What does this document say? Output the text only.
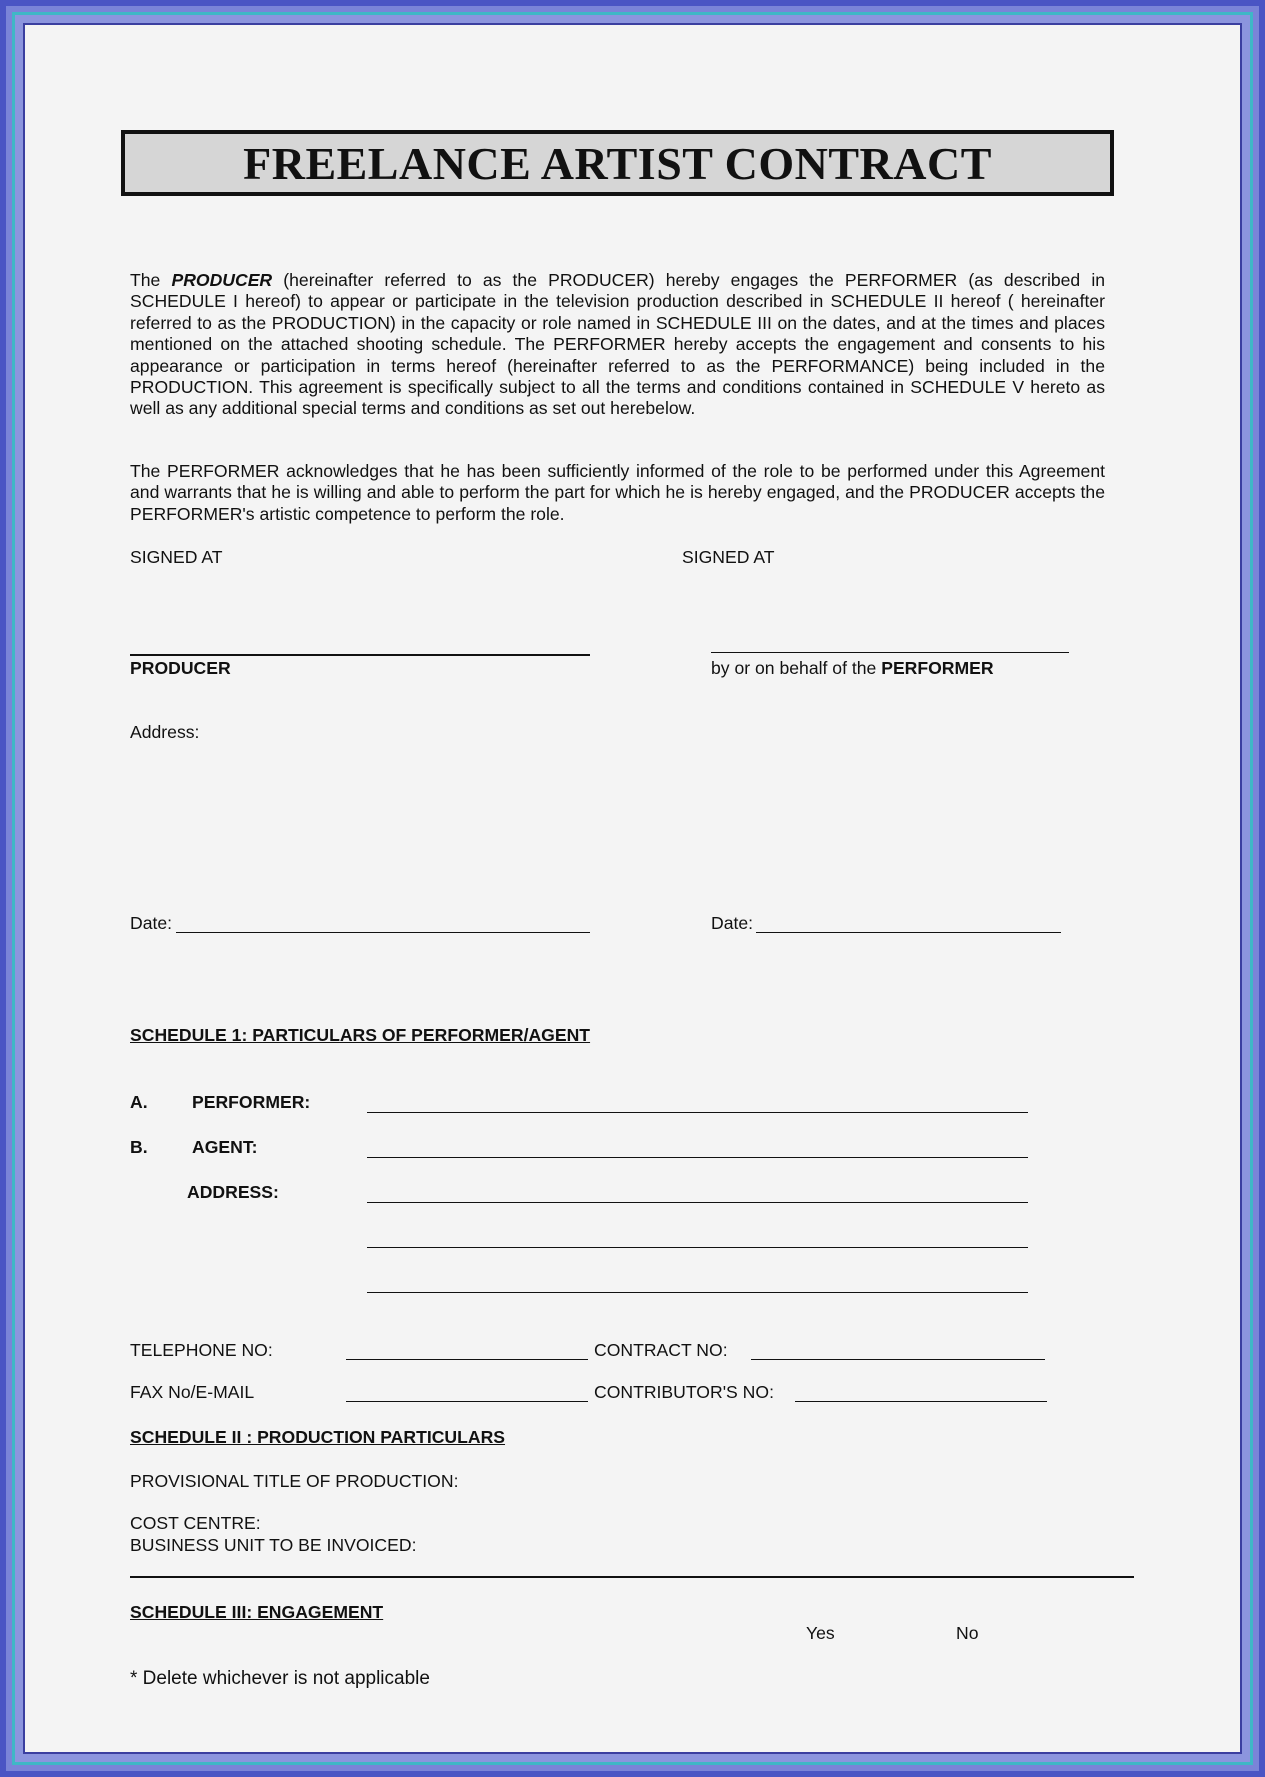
FREELANCE ARTIST CONTRACT
The PRODUCER (hereinafter referred to as the PRODUCER) hereby engages the PERFORMER (as described in SCHEDULE I hereof) to appear or participate in the television production described in SCHEDULE II hereof ( hereinafter referred to as the PRODUCTION) in the capacity or role named in SCHEDULE III on the dates, and at the times and places mentioned on the attached shooting schedule. The PERFORMER hereby accepts the engagement and consents to his appearance or participation in terms hereof (hereinafter referred to as the PERFORMANCE) being included in the PRODUCTION. This agreement is specifically subject to all the terms and conditions contained in SCHEDULE V hereto as well as any additional special terms and conditions as set out herebelow.
The PERFORMER acknowledges that he has been sufficiently informed of the role to be performed under this Agreement and warrants that he is willing and able to perform the part for which he is hereby engaged, and the PRODUCER accepts the PERFORMER's artistic competence to perform the role.
SIGNED AT	SIGNED AT
PRODUCER	by or on behalf of the PERFORMER
Address:
Date:	Date:
SCHEDULE 1: PARTICULARS OF PERFORMER/AGENT
A.	PERFORMER:
B.	AGENT:
ADDRESS:
TELEPHONE NO:	CONTRACT NO:
FAX No/E-MAIL	CONTRIBUTOR'S NO:
SCHEDULE II : PRODUCTION PARTICULARS
PROVISIONAL TITLE OF PRODUCTION:
COST CENTRE:
BUSINESS UNIT TO BE INVOICED:
SCHEDULE III: ENGAGEMENT
Yes	No
* Delete whichever is not applicable
